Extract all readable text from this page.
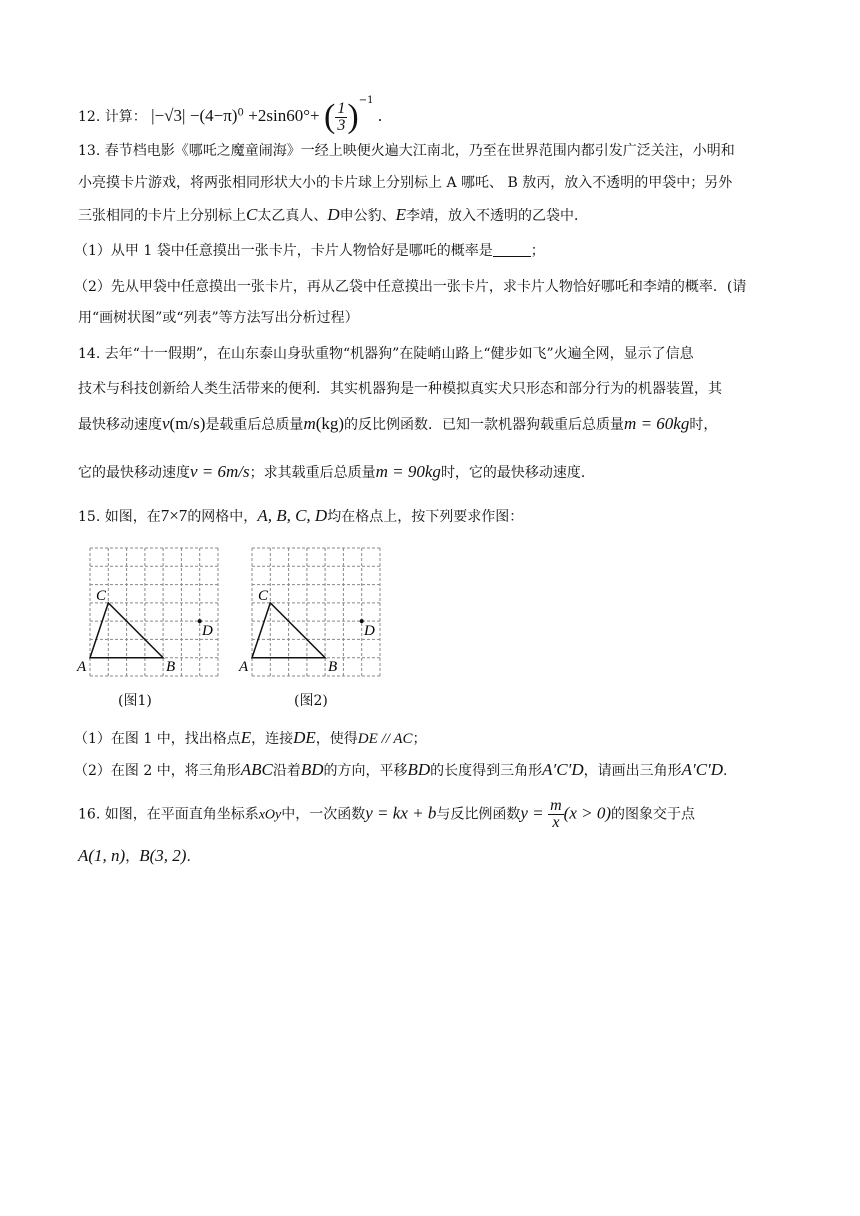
12. 计算： $|-√3| -(4-\pi)^0 +2\sin 60^\circ+$ ( $\frac{1}{3} )^{-1}$ .
13. 春节档电影《哪吒之魔童闹海》一经上映便火遍大江南北，乃至在世界范围内都引发广泛关注，小明和
小亮摸卡片游戏，将两张相同形状大小的卡片球上分别标上 A 哪吒、 B 敖丙，放入不透明的甲袋中；另外
三张相同的卡片上分别标上C太乙真人、D申公豹、E李靖，放入不透明的乙袋中．
（1）从甲 1 袋中任意摸出一张卡片，卡片人物恰好是哪吒的概率是	；
（2）先从甲袋中任意摸出一张卡片，再从乙袋中任意摸出一张卡片，求卡片人物恰好哪吒和李靖的概率．(请
用“画树状图”或“列表”等方法写出分析过程）
14. 去年“十一假期”，在山东泰山身驮重物“机器狗”在陡峭山路上“健步如飞”火遍全网，显示了信息
技术与科技创新给人类生活带来的便利．其实机器狗是一种模拟真实犬只形态和部分行为的机器装置，其
最快移动速度v(m/s)是载重后总质量m(kg)的反比例函数．已知一款机器狗载重后总质量m = 60kg时，
它的最快移动速度v = 6m/s；求其载重后总质量m = 90kg时，它的最快移动速度．
15. 如图，在7×7的网格中，A, B, C, D均在格点上，按下列要求作图：
A	B
C
D
(图1)
A	B
C
D
(图2)
（1）在图 1 中，找出格点E，连接DE，使得DE // AC；
（2）在图 2 中，将三角形ABC沿着BD的方向，平移BD的长度得到三角形A′C′D，请画出三角形A′C′D.
16. 如图，在平面直角坐标系xOy中，一次函数y = kx + b与反比例函数$y = \frac{m}{x} (x > 0)$的图象交于点
A(1, n)，B(3, 2).
